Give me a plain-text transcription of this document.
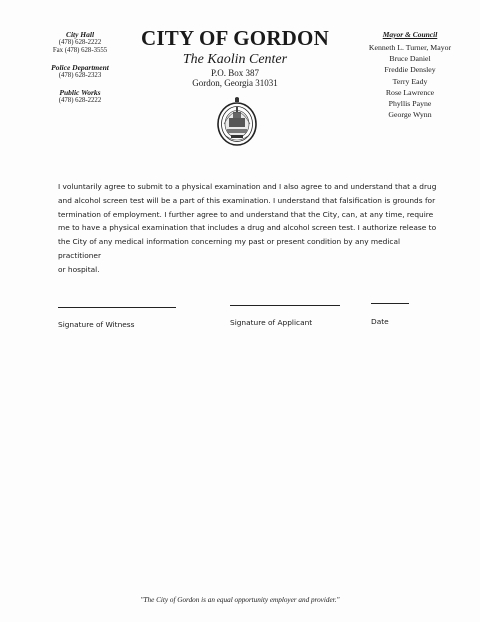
City Hall
(478) 628-2222
Fax (478) 628-3555
Police Department
(478) 628-2323
Public Works
(478) 628-2222
CITY OF GORDON
The Kaolin Center
P.O. Box 387
Gordon, Georgia 31031
Mayor & Council
Kenneth L. Turner, Mayor
Bruce Daniel
Freddie Densley
Terry Eady
Rose Lawrence
Phyllis Payne
George Wynn
I voluntarily agree to submit to a physical examination and I also agree to and understand that a drug
and alcohol screen test will be a part of this examination. I understand that falsification is grounds for
termination of employment. I further agree to and understand that the City, can, at any time, require
me to have a physical examination that includes a drug and alcohol screen test. I authorize release to
the City of any medical information concerning my past or present condition by any medical practitioner
or hospital.
Signature of Witness	Signature of Applicant	Date
"The City of Gordon is an equal opportunity employer and provider."
